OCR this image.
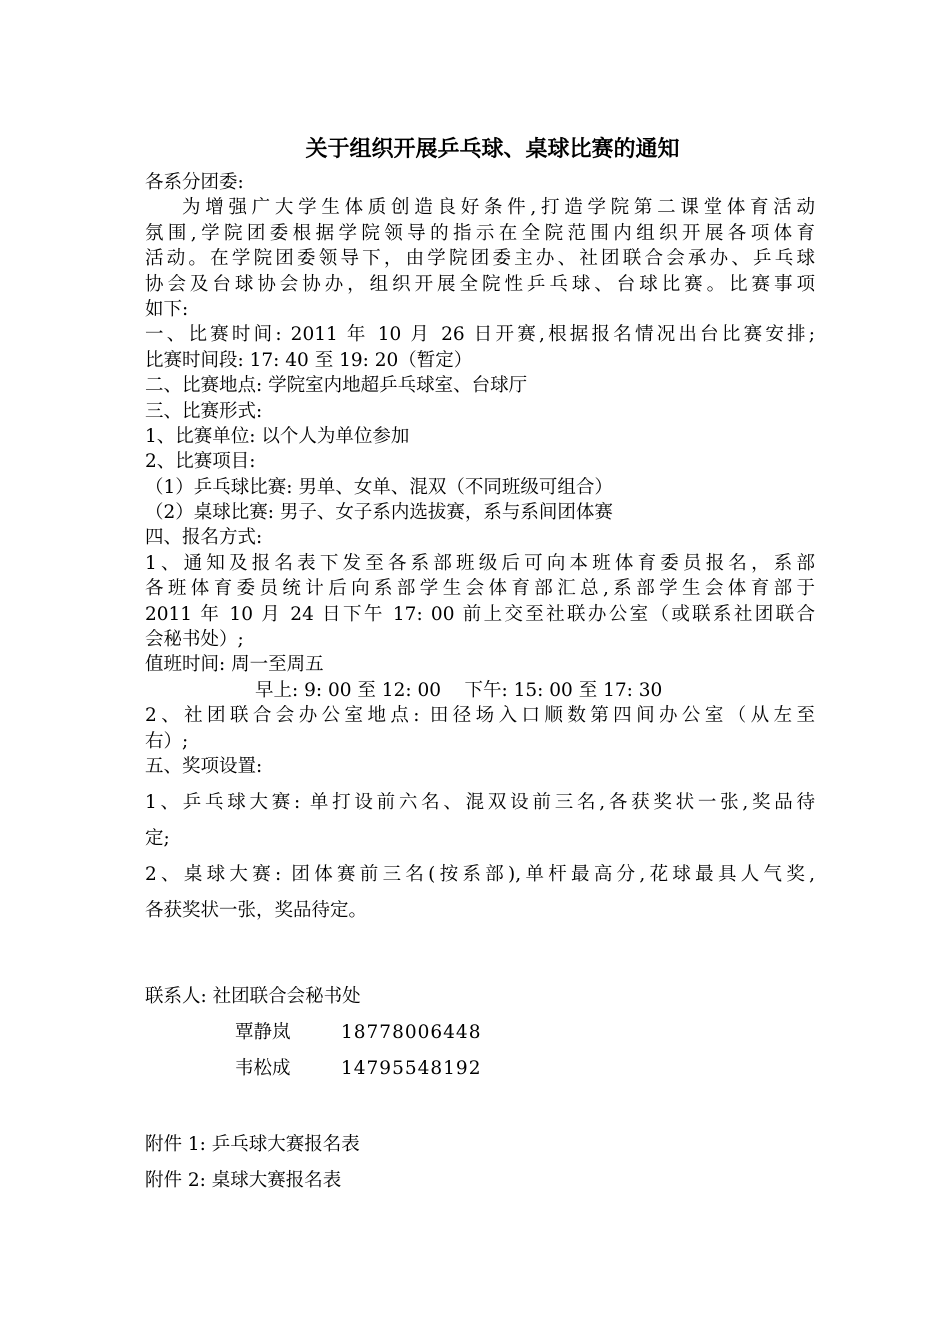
关于组织开展乒乓球、桌球比赛的通知
各系分团委:
为增强广大学生体质创造良好条件,打造学院第二课堂体育活动
氛围,学院团委根据学院领导的指示在全院范围内组织开展各项体育
活动。在学院团委领导下，由学院团委主办、社团联合会承办、乒乓球
协会及台球协会协办，组织开展全院性乒乓球、台球比赛。比赛事项
如下:
一、比赛时间: 2011 年 10 月 26 日开赛,根据报名情况出台比赛安排;
比赛时间段: 17: 40 至 19: 20（暂定）
二、比赛地点: 学院室内地超乒乓球室、台球厅
三、比赛形式:
1、比赛单位: 以个人为单位参加
2、比赛项目:
（1）乒乓球比赛: 男单、女单、混双（不同班级可组合）
（2）桌球比赛: 男子、女子系内选拔赛，系与系间团体赛
四、报名方式:
1、通知及报名表下发至各系部班级后可向本班体育委员报名，系部
各班体育委员统计后向系部学生会体育部汇总,系部学生会体育部于
2011 年 10 月 24 日下午 17: 00 前上交至社联办公室（或联系社团联合
会秘书处）;
值班时间: 周一至周五
早上: 9: 00 至 12: 00    下午: 15: 00 至 17: 30
2、社团联合会办公室地点: 田径场入口顺数第四间办公室（从左至
右）;
五、奖项设置:
1、乒乓球大赛: 单打设前六名、混双设前三名,各获奖状一张,奖品待
定;
2、桌球大赛: 团体赛前三名(按系部),单杆最高分,花球最具人气奖,
各获奖状一张，奖品待定。
联系人: 社团联合会秘书处
覃静岚	18778006448
韦松成	14795548192
附件 1: 乒乓球大赛报名表
附件 2: 桌球大赛报名表
